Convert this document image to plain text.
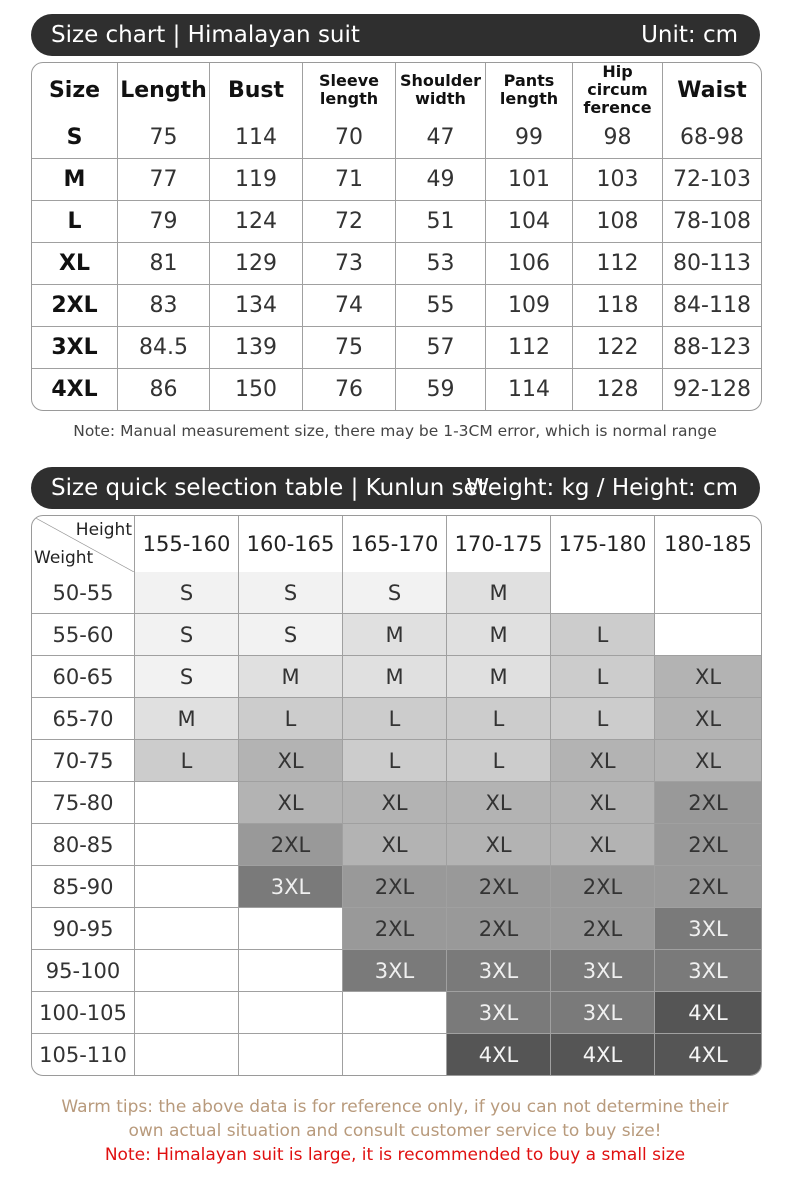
Size chart | Himalayan suit	Unit: cm
Size	Length	Bust	Sleeve length	Shoulder width	Pants length	Hip circum ference	Waist
S	75	114	70	47	99	98	68-98
M	77	119	71	49	101	103	72-103
L	79	124	72	51	104	108	78-108
XL	81	129	73	53	106	112	80-113
2XL	83	134	74	55	109	118	84-118
3XL	84.5	139	75	57	112	122	88-123
4XL	86	150	76	59	114	128	92-128
Note: Manual measurement size, there may be 1-3CM error, which is normal range
Size quick selection table | Kunlun set
Weight: kg / Height: cm
Height
Weight	155-160	160-165	165-170	170-175	175-180	180-185
50-55	S	S	S	M		
55-60	S	S	M	M	L	
60-65	S	M	M	M	L	XL
65-70	M	L	L	L	L	XL
70-75	L	XL	L	L	XL	XL
75-80		XL	XL	XL	XL	2XL
80-85		2XL	XL	XL	XL	2XL
85-90		3XL	2XL	2XL	2XL	2XL
90-95			2XL	2XL	2XL	3XL
95-100			3XL	3XL	3XL	3XL
100-105				3XL	3XL	4XL
105-110				4XL	4XL	4XL
Warm tips: the above data is for reference only, if you can not determine their
own actual situation and consult customer service to buy size!
Note: Himalayan suit is large, it is recommended to buy a small size
